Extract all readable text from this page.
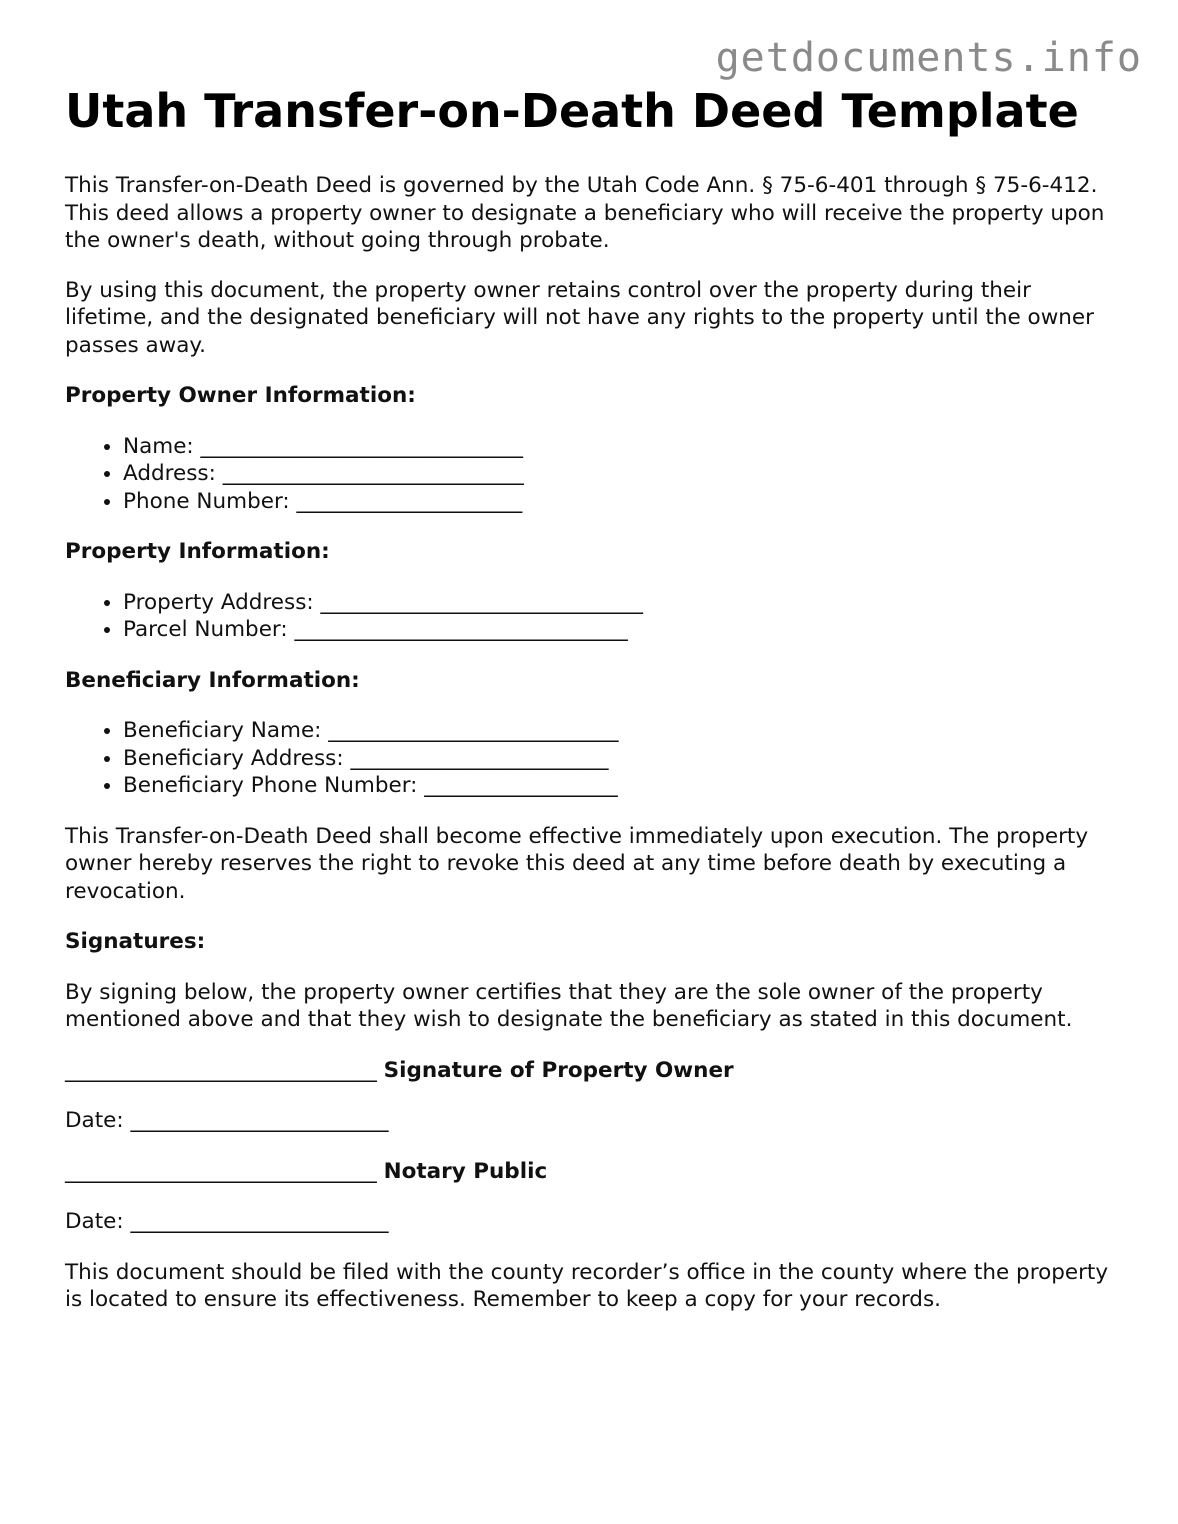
getdocuments.info
Utah Transfer-on-Death Deed Template

This Transfer-on-Death Deed is governed by the Utah Code Ann. § 75-6-401 through § 75-6-412. This deed allows a property owner to designate a beneficiary who will receive the property upon the owner's death, without going through probate.

By using this document, the property owner retains control over the property during their lifetime, and the designated beneficiary will not have any rights to the property until the owner passes away.

Property Owner Information:
• Name: ______________________________
• Address: ____________________________
• Phone Number: _____________________
Property Information:
• Property Address: ______________________________
• Parcel Number: _______________________________
Beneficiary Information:
• Beneficiary Name: ___________________________
• Beneficiary Address: ________________________
• Beneficiary Phone Number: __________________

This Transfer-on-Death Deed shall become effective immediately upon execution. The property owner hereby reserves the right to revoke this deed at any time before death by executing a revocation.

Signatures:

By signing below, the property owner certifies that they are the sole owner of the property mentioned above and that they wish to designate the beneficiary as stated in this document.

_____________________________ Signature of Property Owner
Date: ________________________
_____________________________ Notary Public
Date: ________________________

This document should be filed with the county recorder’s office in the county where the property is located to ensure its effectiveness. Remember to keep a copy for your records.
